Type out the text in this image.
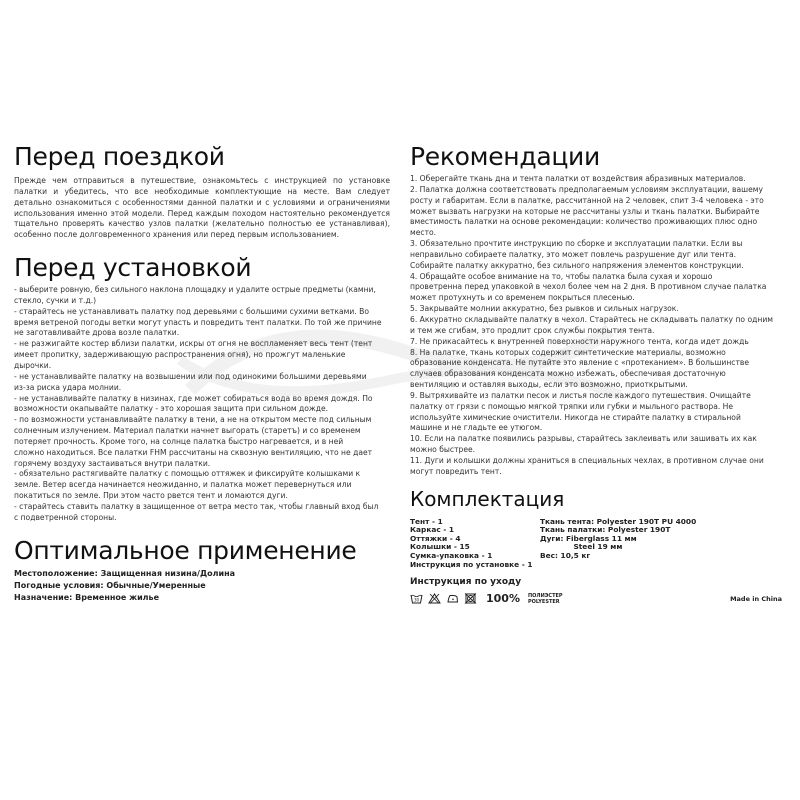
Перед поездкой

Прежде чем отправиться в путешествие, ознакомьтесь с инструкцией по установке палатки и убедитесь, что все необходимые комплектующие на месте. Вам следует детально ознакомиться с особенностями данной палатки и с условиями и ограничениями использования именно этой модели. Перед каждым походом настоятельно рекомендуется тщательно проверять качество узлов палатки (желательно полностью ее устанавливая), особенно после долговременного хранения или перед первым использованием.

Перед установкой
- выберите ровную, без сильного наклона площадку и удалите острые предметы (камни,
стекло, сучки и т.д.)
- старайтесь не устанавливать палатку под деревьями с большими сухими ветками. Во
время ветреной погоды ветки могут упасть и повредить тент палатки. По той же причине
не заготавливайте дрова возле палатки.
- не разжигайте костер вблизи палатки, искры от огня не воспламеняет весь тент (тент
имеет пропитку, задерживающую распространения огня), но прожгут маленькие
дырочки.
- не устанавливайте палатку на возвышении или под одинокими большими деревьями
из-за риска удара молнии.
- не устанавливайте палатку в низинах, где может собираться вода во время дождя. По
возможности окапывайте палатку - это хорошая защита при сильном дожде.
- по возможности устанавливайте палатку в тени, а не на открытом месте под сильным
солнечным излучением. Материал палатки начнет выгорать (старетъ) и со временем
потеряет прочность. Кроме того, на солнце палатка быстро нагревается, и в ней
сложно находиться. Все палатки FHM рассчитаны на сквозную вентиляцию, что не дает
горячему воздуху застаиваться внутри палатки.
- обязательно растягивайте палатку с помощью оттяжек и фиксируйте колышками к
земле. Ветер всегда начинается неожиданно, и палатка может перевернуться или
покатиться по земле. При этом часто рвется тент и ломаются дуги.
- старайтесь ставить палатку в защищенное от ветра место так, чтобы главный вход был
с подветренной стороны.
Оптимальное применение
Местоположение: Защищенная низина/Долина
Погодные условия: Обычные/Умеренные
Назначение: Временное жилье
Рекомендации
1. Оберегайте ткань дна и тента палатки от воздействия абразивных материалов.
2. Палатка должна соответствовать предполагаемым условиям эксплуатации, вашему
росту и габаритам. Если в палатке, рассчитанной на 2 человек, спит 3-4 человека - это
может вызвать нагрузки на которые не рассчитаны узлы и ткань палатки. Выбирайте
вместимость палатки на основе рекомендации: количество проживающих плюс одно
место.
3. Обязательно прочтите инструкцию по сборке и эксплуатации палатки. Если вы
неправильно собираете палатку, это может повлечь разрушение дуг или тента.
Собирайте палатку аккуратно, без сильного напряжения элементов конструкции.
4. Обращайте особое внимание на то, чтобы палатка была сухая и хорошо
проветренна перед упаковкой в чехол более чем на 2 дня. В противном случае палатка
может протухнуть и со временем покрыться плесенью.
5. Закрывайте молнии аккуратно, без рывков и сильных нагрузок.
6. Аккуратно складывайте палатку в чехол. Старайтесь не складывать палатку по одним
и тем же сгибам, это продлит срок службы покрытия тента.
7. Не прикасайтесь к внутренней поверхности наружного тента, когда идет дождь
8. На палатке, ткань которых содержит синтетические материалы, возможно
образование конденсата. Не путайте это явление с «протеканием». В большинстве
случаев образования конденсата можно избежать, обеспечивая достаточную
вентиляцию и оставляя выходы, если это возможно, приоткрытыми.
9. Вытряхивайте из палатки песок и листья после каждого путешествия. Очищайте
палатку от грязи с помощью мягкой тряпки или губки и мыльного раствора. Не
используйте химические очистители. Никогда не стирайте палатку в стиральной
машине и не гладьте ее утюгом.
10. Если на палатке появились разрывы, старайтесь заклеивать или зашивать их как
можно быстрее.
11. Дуги и колышки должны храниться в специальных чехлах, в противном случае они
могут повредить тент.
Комплектация
Тент - 1
Каркас - 1
Оттяжки - 4
Колышки - 15
Сумка-упаковка - 1
Инструкция по установке - 1
Ткань тента: Polyester 190T PU 4000
Ткань палатки: Polyester 190T
Дуги: Fiberglass 11 мм
Steel 19 мм
Вес: 10,5 кг
Инструкция по уходу
30	100% ПОЛИЭСТЕР
POLYESTER	Made in China
